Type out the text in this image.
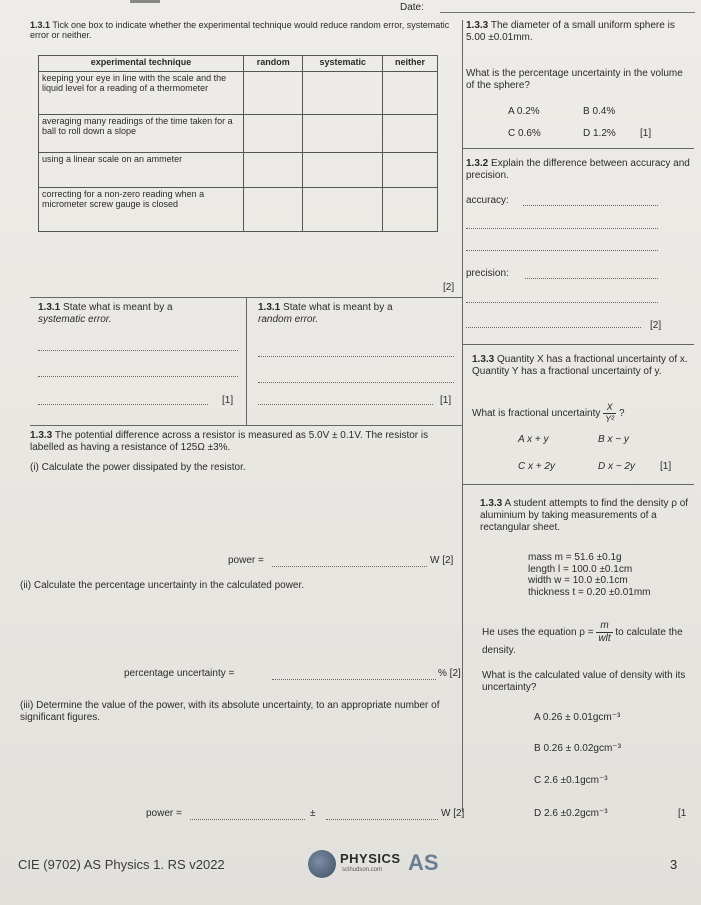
Date:
1.3.1 Tick one box to indicate whether the experimental technique would reduce random error, systematic error or neither.
experimental technique	random	systematic	neither
keeping your eye in line with the scale and the liquid level for a reading of a thermometer			
averaging many readings of the time taken for a ball to roll down a slope			
using a linear scale on an ammeter			
correcting for a non-zero reading when a micrometer screw gauge is closed			
[2]
1.3.3 The diameter of a small uniform sphere is 5.00 ±0.01mm.
What is the percentage uncertainty in the volume of the sphere?
A 0.2%	B 0.4%
C 0.6%	D 1.2% [1]
1.3.2 Explain the difference between accuracy and precision.
accuracy:
precision:
[2]
1.3.1 State what is meant by a
systematic error.
[1]
1.3.1 State what is meant by a
random error.
[1]
1.3.3 Quantity X has a fractional uncertainty of x. Quantity Y has a fractional uncertainty of y.
What is fractional uncertainty $\frac{X}{\text{Y²}}$ ?
A x + y	B x − y
C x + 2y	D x − 2y	[1]
1.3.3 The potential difference across a resistor is measured as 5.0V ± 0.1V. The resistor is labelled as having a resistance of 125Ω ±3%.
(i) Calculate the power dissipated by the resistor.
power =	W [2]
(ii) Calculate the percentage uncertainty in the calculated power.
percentage uncertainty =	% [2]
(iii) Determine the value of the power, with its absolute uncertainty, to an appropriate number of significant figures.
power =	±	W [2]
1.3.3 A student attempts to find the density ρ of aluminium by taking measurements of a rectangular sheet.
mass m = 51.6 ±0.1g
length l = 100.0 ±0.1cm
width w = 10.0 ±0.1cm
thickness t = 0.20 ±0.01mm
He uses the equation $\rho = \frac{m}{\text{wlt}}$ to calculate the density.
What is the calculated value of density with its uncertainty?
A 0.26 ± 0.01gcm⁻³
B 0.26 ± 0.02gcm⁻³
C 2.6 ±0.1gcm⁻³
D 2.6 ±0.2gcm⁻³	[1
CIE (9702) AS Physics 1. RS v2022	PHYSICS
scihudson.com AS	3
